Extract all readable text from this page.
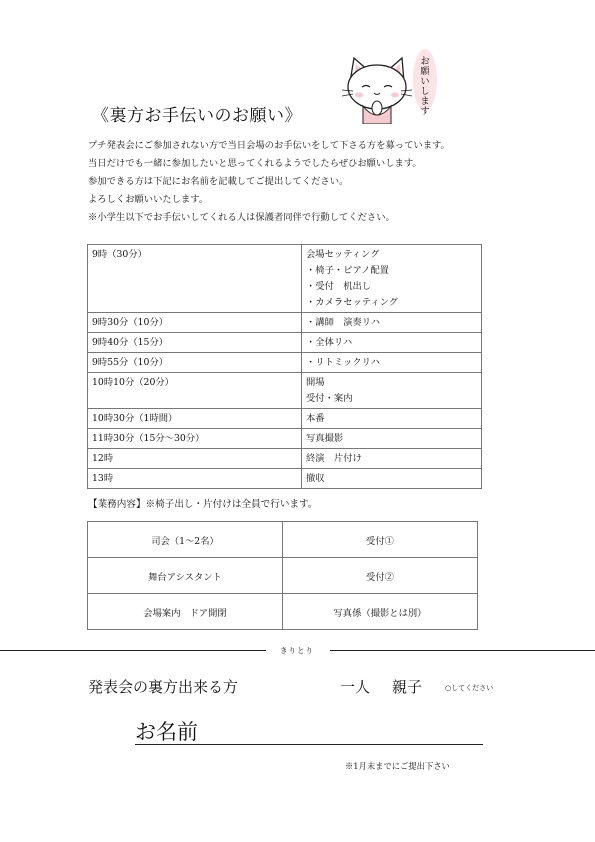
《裏方お手伝いのお願い》
お
願
い
し
ま
す
プチ発表会にご参加されない方で当日会場のお手伝いをして下さる方を募っています。
当日だけでも一緒に参加したいと思ってくれるようでしたらぜひお願いします。
参加できる方は下記にお名前を記載してご提出してください。
よろしくお願いいたします。
※小学生以下でお手伝いしてくれる人は保護者同伴で行動してください。
9時（30分）	会場セッティング
・椅子・ピアノ配置
・受付　机出し
・カメラセッティング

9時30分（10分）	・講師　演奏リハ

9時40分（15分）	・全体リハ

9時55分（10分）	・リトミックリハ

10時10分（20分）	開場
受付・案内

10時30分（1時間）	本番

11時30分（15分〜30分）	写真撮影

12時	終演　片付け

13時	撤収
【業務内容】※椅子出し・片付けは全員で行います。
司会（1〜2名）	受付①
舞台アシスタント	受付②
会場案内　ドア開閉	写真係（撮影とは別）
きりとり
発表会の裏方出来る方	一人 親子	○してください
お名前
※1月末までにご提出下さい
